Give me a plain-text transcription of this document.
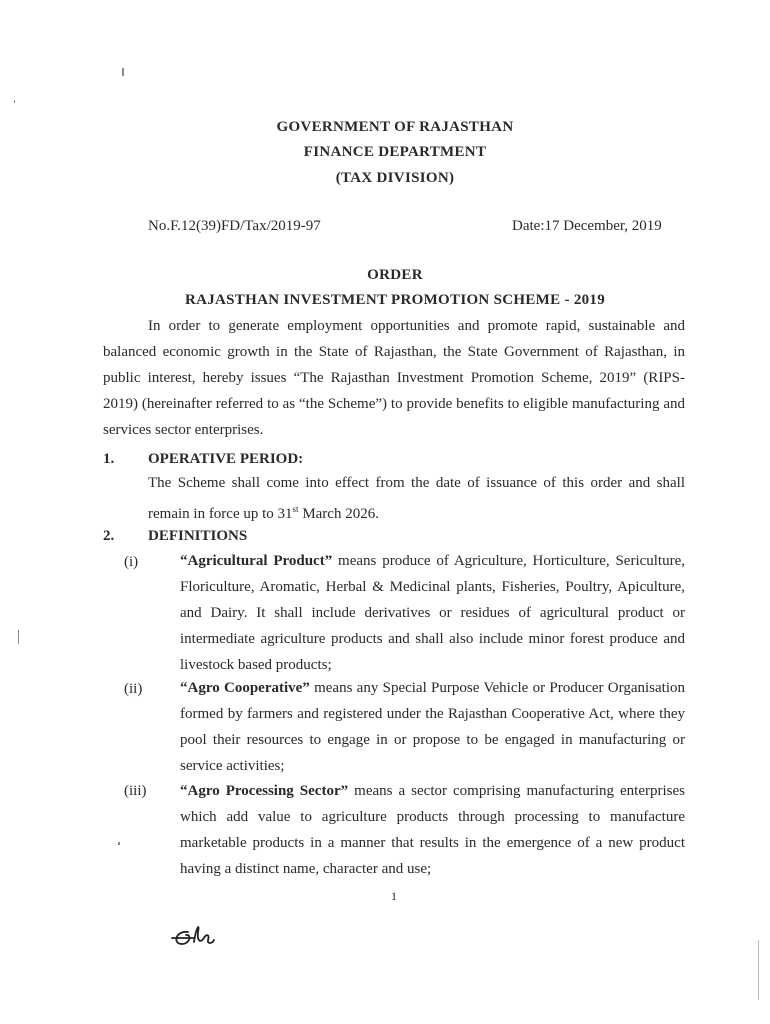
GOVERNMENT OF RAJASTHAN
FINANCE DEPARTMENT
(TAX DIVISION)
No.F.12(39)FD/Tax/2019-97	Date:17 December, 2019
ORDER
RAJASTHAN INVESTMENT PROMOTION SCHEME - 2019
In order to generate employment opportunities and promote rapid, sustainable and balanced economic growth in the State of Rajasthan, the State Government of Rajasthan, in public interest, hereby issues “The Rajasthan Investment Promotion Scheme, 2019” (RIPS-2019) (hereinafter referred to as “the Scheme”) to provide benefits to eligible manufacturing and services sector enterprises.
1. OPERATIVE PERIOD:
The Scheme shall come into effect from the date of issuance of this order and shall remain in force up to 31st March 2026.
2. DEFINITIONS
(i)	“Agricultural Product” means produce of Agriculture, Horticulture, Sericulture, Floriculture, Aromatic, Herbal & Medicinal plants, Fisheries, Poultry, Apiculture, and Dairy. It shall include derivatives or residues of agricultural product or intermediate agriculture products and shall also include minor forest produce and livestock based products;
(ii)	“Agro Cooperative” means any Special Purpose Vehicle or Producer Organisation formed by farmers and registered under the Rajasthan Cooperative Act, where they pool their resources to engage in or propose to be engaged in manufacturing or service activities;
(iii) “Agro Processing Sector” means a sector comprising manufacturing enterprises which add value to agriculture products through processing to manufacture marketable products in a manner that results in the emergence of a new product having a distinct name, character and use;
1
